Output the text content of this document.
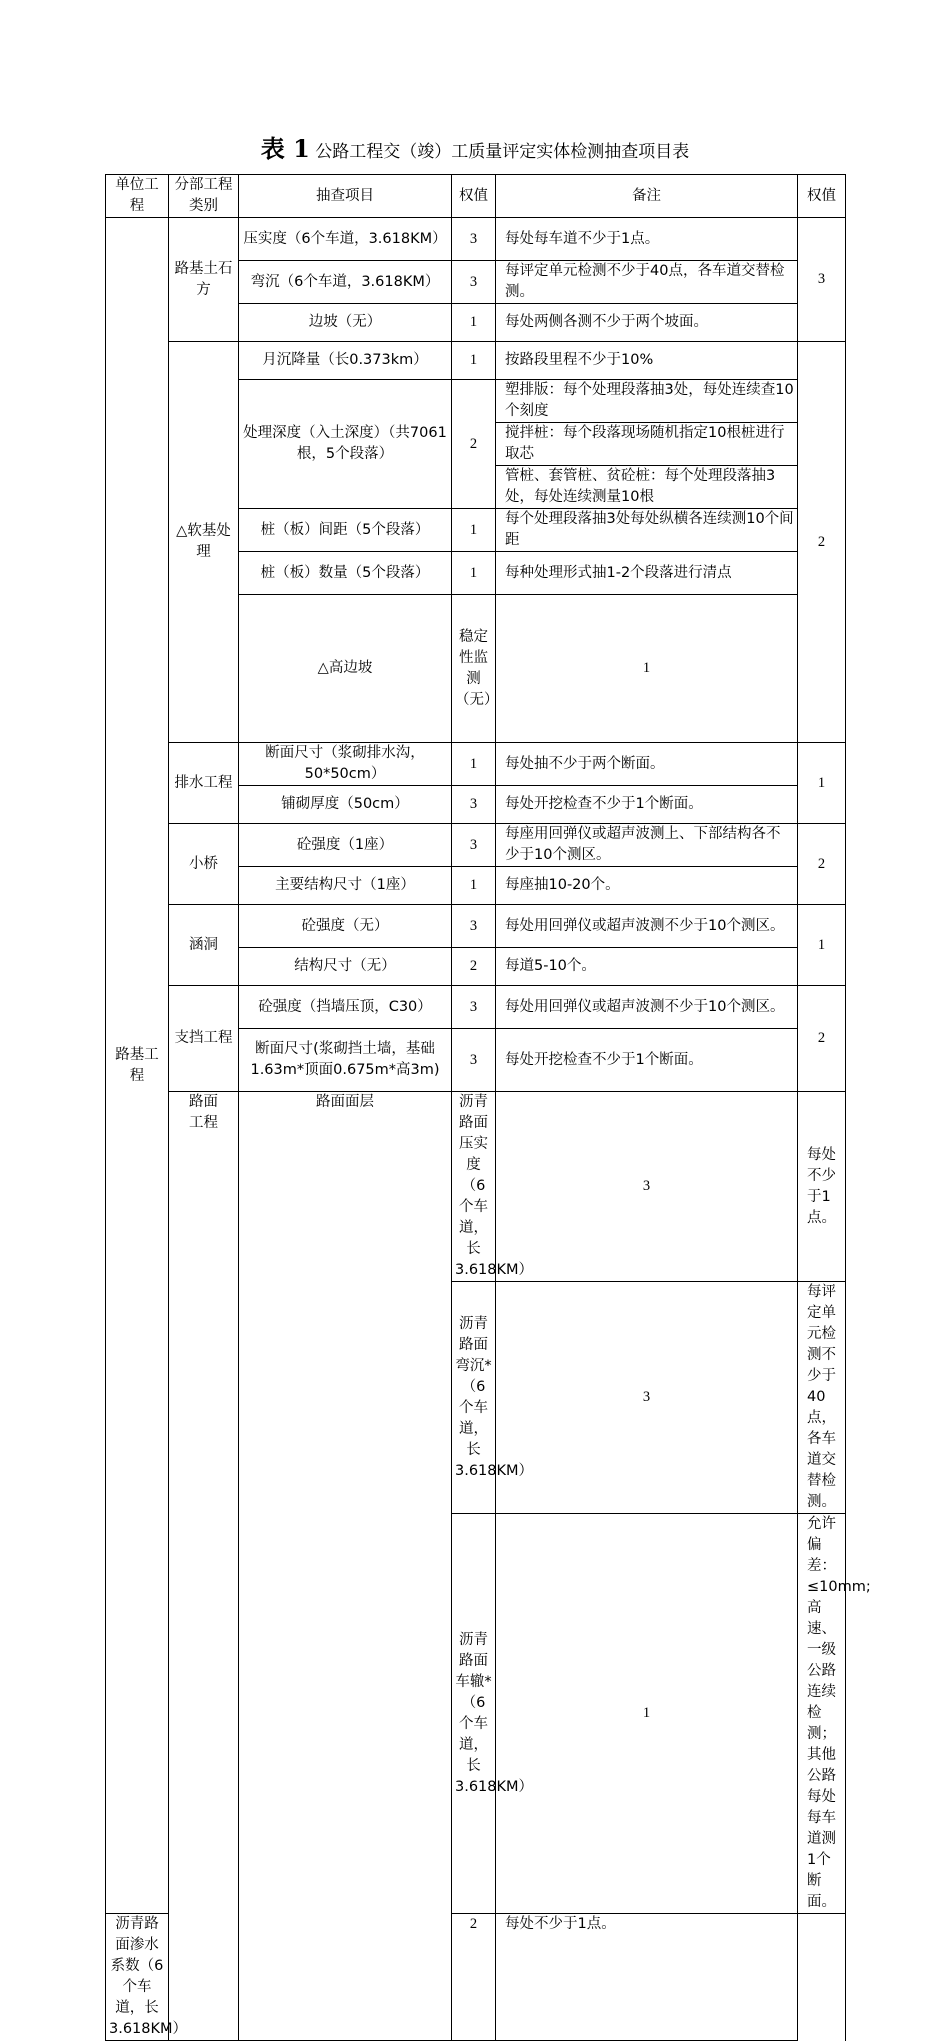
表 1 公路工程交（竣）工质量评定实体检测抽查项目表
单位工程	分部工程类别	抽查项目	权值	备注	权值	
路基工程	路基土石方	压实度（6个车道，3.618KM）	3	每处每车道不少于1点。	3	
		弯沉（6个车道，3.618KM）	3	每评定单元检测不少于40点，各车道交替检测。		
		边坡（无）	1	每处两侧各测不少于两个坡面。		
	△软基处理	月沉降量（长0.373km）	1	按路段里程不少于10%	2	
		处理深度（入土深度）（共7061根，5个段落）	2	塑排版：每个处理段落抽3处，每处连续查10个刻度		
				搅拌桩：每个段落现场随机指定10根桩进行取芯		
				管桩、套管桩、贫砼桩：每个处理段落抽3处，每处连续测量10根		
		桩（板）间距（5个段落）	1	每个处理段落抽3处每处纵横各连续测10个间距		
		桩（板）数量（5个段落）	1	每种处理形式抽1-2个段落进行清点		
		△高边坡	稳定性监测（无）	1		
	排水工程	断面尺寸（浆砌排水沟，50*50cm）	1	每处抽不少于两个断面。	1	
		铺砌厚度（50cm）	3	每处开挖检查不少于1个断面。		
	小桥	砼强度（1座）	3	每座用回弹仪或超声波测上、下部结构各不少于10个测区。	2	
		主要结构尺寸（1座）	1	每座抽10-20个。		
	涵洞	砼强度（无）	3	每处用回弹仪或超声波测不少于10个测区。	1	
		结构尺寸（无）	2	每道5-10个。		
	支挡工程	砼强度（挡墙压顶，C30）	3	每处用回弹仪或超声波测不少于10个测区。	2	
		断面尺寸(浆砌挡土墙，基础1.63m*顶面0.675m*高3m)	3	每处开挖检查不少于1个断面。		
	路面工程	路面面层	沥青路面压实度（6个车道，长3.618KM）	3	每处不少于1点。	
			沥青路面弯沉*（6个车道，长3.618KM）	3	每评定单元检测不少于40点，各车道交替检测。	
			沥青路面车辙*（6个车道，长3.618KM）	1	允许偏差：≤10mm; 高速、一级公路连续检测；其他公路每处每车道测1个断面。	
沥青路面渗水系数（6个车道，长3.618KM）			2	每处不少于1点。		
